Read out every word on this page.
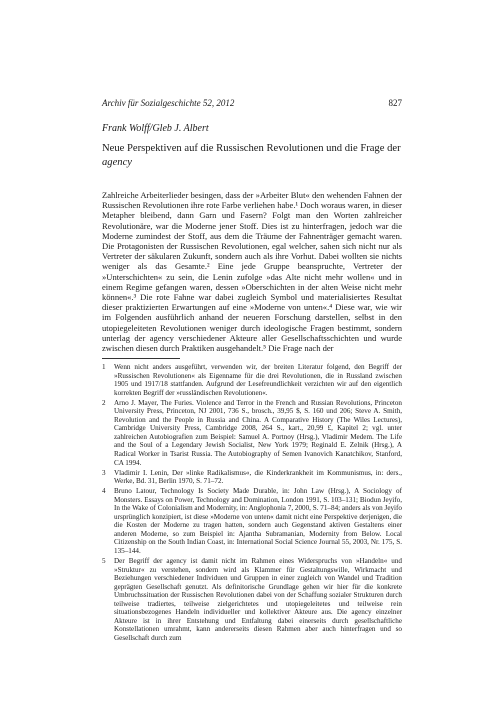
Archiv für Sozialgeschichte 52, 2012	827
Frank Wolff/Gleb J. Albert
Neue Perspektiven auf die Russischen Revolutionen und die Frage der agency

Zahlreiche Arbeiterlieder besingen, dass der »Arbeiter Blut« den wehenden Fahnen der Russischen Revolutionen ihre rote Farbe verliehen habe.¹ Doch woraus waren, in dieser Metapher bleibend, dann Garn und Fasern? Folgt man den Worten zahlreicher Revolutionäre, war die Moderne jener Stoff. Dies ist zu hinterfragen, jedoch war die Moderne zumindest der Stoff, aus dem die Träume der Fahnenträger gemacht waren. Die Protagonisten der Russischen Revolutionen, egal welcher, sahen sich nicht nur als Vertreter der säkularen Zukunft, sondern auch als ihre Vorhut. Dabei wollten sie nichts weniger als das Gesamte.² Eine jede Gruppe beanspruchte, Vertreter der »Unterschichten« zu sein, die Lenin zufolge »das Alte nicht mehr wollen« und in einem Regime gefangen waren, dessen »Oberschichten in der alten Weise nicht mehr können«.³ Die rote Fahne war dabei zugleich Symbol und materialisiertes Resultat dieser praktizierten Erwartungen auf eine »Moderne von unten«.⁴ Diese war, wie wir im Folgenden ausführlich anhand der neueren Forschung darstellen, selbst in den utopiegeleiteten Revolutionen weniger durch ideologische Fragen bestimmt, sondern unterlag der agency verschiedener Akteure aller Gesellschaftsschichten und wurde zwischen diesen durch Praktiken ausgehandelt.⁵ Die Frage nach der

1 Wenn nicht anders ausgeführt, verwenden wir, der breiten Literatur folgend, den Begriff der »Russischen Revolutionen« als Eigenname für die drei Revolutionen, die in Russland zwischen 1905 und 1917/18 stattfanden. Aufgrund der Lesefreundlichkeit verzichten wir auf den eigentlich korrekten Begriff der »russländischen Revolutionen«.
2 Arno J. Mayer, The Furies. Violence and Terror in the French and Russian Revolutions, Princeton University Press, Princeton, NJ 2001, 736 S., brosch., 39,95 $, S. 160 und 206; Steve A. Smith, Revolution and the People in Russia and China. A Comparative History (The Wiles Lectures), Cambridge University Press, Cambridge 2008, 264 S., kart., 20,99 £, Kapitel 2; vgl. unter zahlreichen Autobiografien zum Beispiel: Samuel A. Portnoy (Hrsg.), Vladimir Medem. The Life and the Soul of a Legendary Jewish Socialist, New York 1979; Reginald E. Zelnik (Hrsg.), A Radical Worker in Tsarist Russia. The Autobiography of Semen Ivanovich Kanatchikov, Stanford, CA 1994.
3 Vladimir I. Lenin, Der »linke Radikalismus«, die Kinderkrankheit im Kommunismus, in: ders., Werke, Bd. 31, Berlin 1970, S. 71–72.
4 Bruno Latour, Technology Is Society Made Durable, in: John Law (Hrsg.), A Sociology of Monsters. Essays on Power, Technology and Domination, London 1991, S. 103–131; Biodun Jeyifo, In the Wake of Colonialism and Modernity, in: Anglophonia 7, 2000, S. 71–84; anders als von Jeyifo ursprünglich konzipiert, ist diese »Moderne von unten« damit nicht eine Perspektive derjenigen, die die Kosten der Moderne zu tragen hatten, sondern auch Gegenstand aktiven Gestaltens einer anderen Moderne, so zum Beispiel in: Ajantha Subramanian, Modernity from Below. Local Citizenship on the South Indian Coast, in: International Social Science Journal 55, 2003, Nr. 175, S. 135–144.
5 Der Begriff der agency ist damit nicht im Rahmen eines Widerspruchs von »Handeln« und »Struktur« zu verstehen, sondern wird als Klammer für Gestaltungswille, Wirkmacht und Beziehungen verschiedener Individuen und Gruppen in einer zugleich von Wandel und Tradition geprägten Gesellschaft genutzt. Als definitorische Grundlage gehen wir hier für die konkrete Umbruchssituation der Russischen Revolutionen dabei von der Schaffung sozialer Strukturen durch teilweise tradiertes, teilweise zielgerichtetes und utopiegeleitetes und teilweise rein situationsbezogenes Handeln individueller und kollektiver Akteure aus. Die agency einzelner Akteure ist in ihrer Entstehung und Entfaltung dabei einerseits durch gesellschaftliche Konstellationen umrahmt, kann andererseits diesen Rahmen aber auch hinterfragen und so Gesellschaft durch zum
